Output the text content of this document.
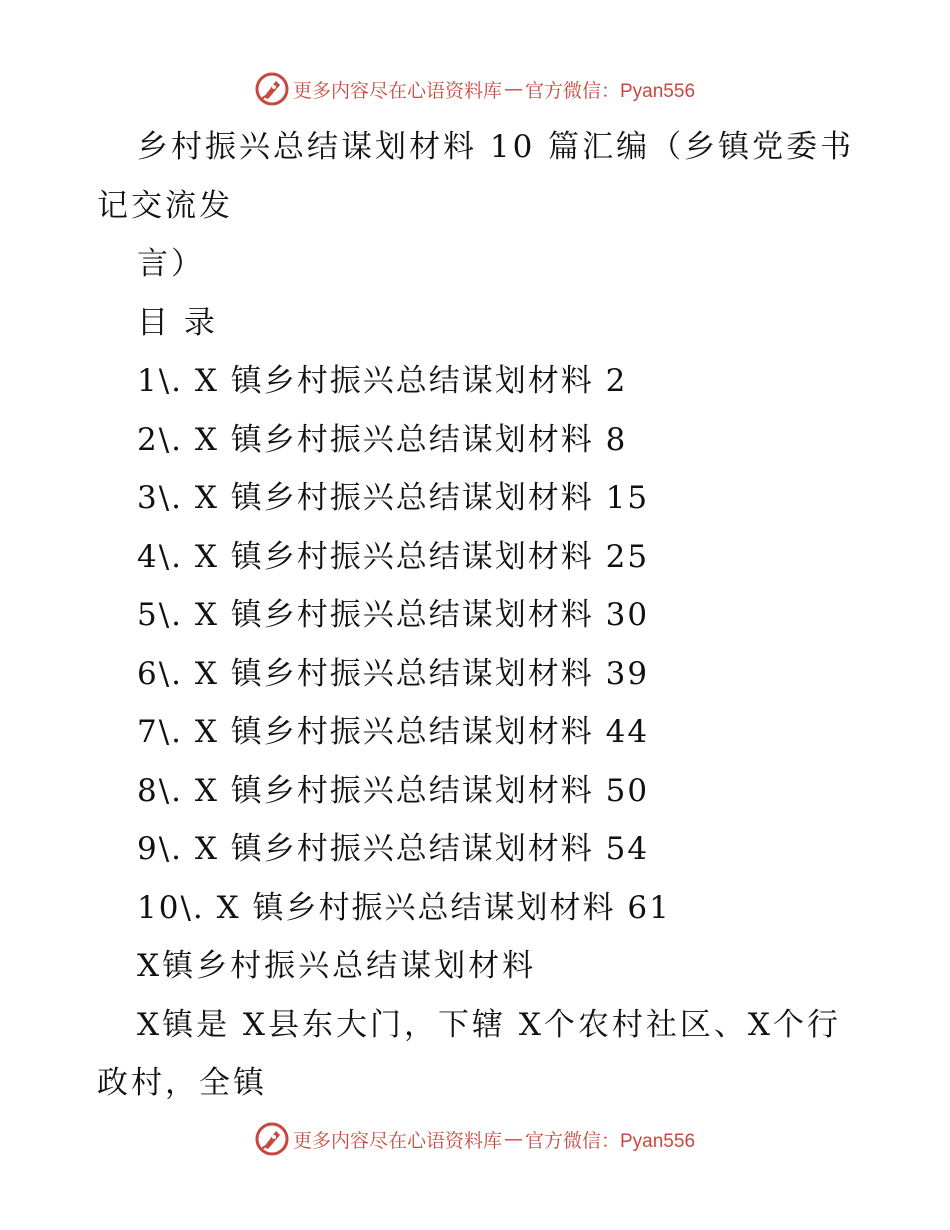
更多内容尽在心语资料库 — 官方微信：Pyan556
乡村振兴总结谋划材料 10 篇汇编（乡镇党委书
记交流发
言）
目 录
1\. X 镇乡村振兴总结谋划材料 2
2\. X 镇乡村振兴总结谋划材料 8
3\. X 镇乡村振兴总结谋划材料 15
4\. X 镇乡村振兴总结谋划材料 25
5\. X 镇乡村振兴总结谋划材料 30
6\. X 镇乡村振兴总结谋划材料 39
7\. X 镇乡村振兴总结谋划材料 44
8\. X 镇乡村振兴总结谋划材料 50
9\. X 镇乡村振兴总结谋划材料 54
10\. X 镇乡村振兴总结谋划材料 61
X镇乡村振兴总结谋划材料
X镇是 X县东大门，下辖 X个农村社区、X个行
政村，全镇
更多内容尽在心语资料库 — 官方微信：Pyan556
